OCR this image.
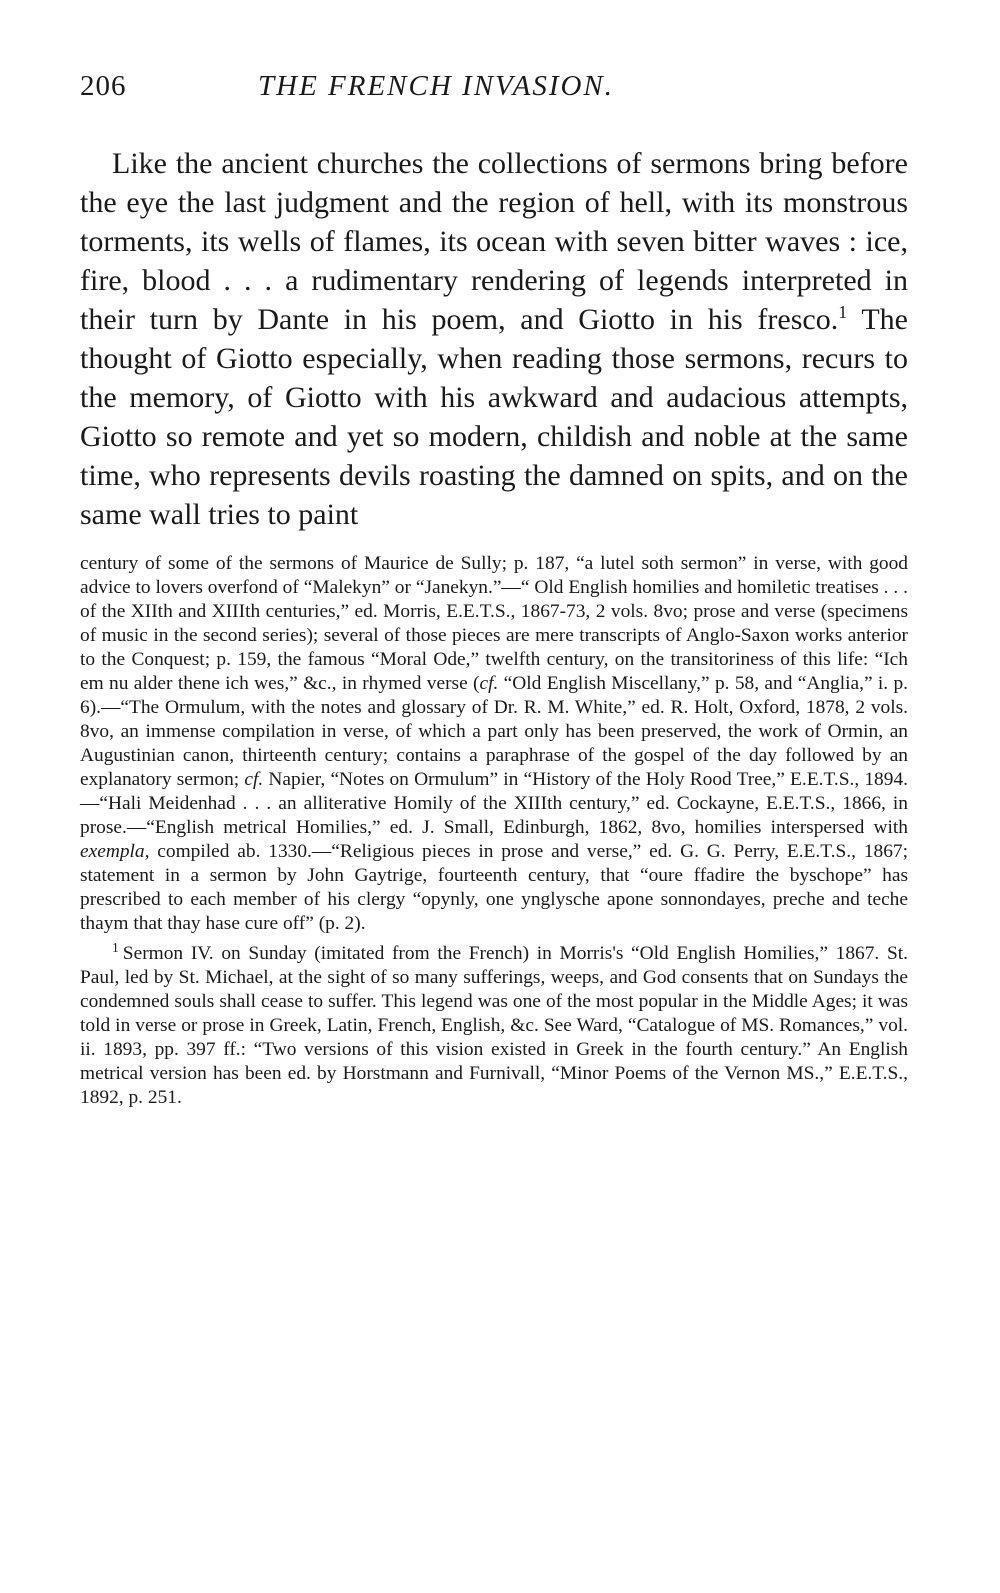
206	THE FRENCH INVASION.

Like the ancient churches the collections of sermons bring before the eye the last judgment and the region of hell, with its monstrous torments, its wells of flames, its ocean with seven bitter waves : ice, fire, blood . . . a rudimentary rendering of legends interpreted in their turn by Dante in his poem, and Giotto in his fresco.$^1$ The thought of Giotto especially, when reading those sermons, recurs to the memory, of Giotto with his awkward and audacious attempts, Giotto so remote and yet so modern, childish and noble at the same time, who represents devils roasting the damned on spits, and on the same wall tries to paint

century of some of the sermons of Maurice de Sully; p. 187, “a lutel soth sermon” in verse, with good advice to lovers overfond of “Malekyn” or “Janekyn.”—“ Old English homilies and homiletic treatises . . . of the XIIth and XIIIth centuries,” ed. Morris, E.E.T.S., 1867-73, 2 vols. 8vo; prose and verse (specimens of music in the second series); several of those pieces are mere transcripts of Anglo-Saxon works anterior to the Conquest; p. 159, the famous “Moral Ode,” twelfth century, on the transitoriness of this life: “Ich em nu alder thene ich wes,” &c., in rhymed verse (cf. “Old English Miscellany,” p. 58, and “Anglia,” i. p. 6).—“The Ormulum, with the notes and glossary of Dr. R. M. White,” ed. R. Holt, Oxford, 1878, 2 vols. 8vo, an immense compilation in verse, of which a part only has been preserved, the work of Ormin, an Augustinian canon, thirteenth century; contains a paraphrase of the gospel of the day followed by an explanatory sermon; cf. Napier, “Notes on Ormulum” in “History of the Holy Rood Tree,” E.E.T.S., 1894.—“Hali Meidenhad . . . an alliterative Homily of the XIIIth century,” ed. Cockayne, E.E.T.S., 1866, in prose.—“English metrical Homilies,” ed. J. Small, Edinburgh, 1862, 8vo, homilies interspersed with exempla, compiled ab. 1330.—“Religious pieces in prose and verse,” ed. G. G. Perry, E.E.T.S., 1867; statement in a sermon by John Gaytrige, fourteenth century, that “oure ffadire the byschope” has prescribed to each member of his clergy “opynly, one ynglysche apone sonnondayes, preche and teche thaym that thay hase cure off” (p. 2).

$^1$ Sermon IV. on Sunday (imitated from the French) in Morris's “Old English Homilies,” 1867. St. Paul, led by St. Michael, at the sight of so many sufferings, weeps, and God consents that on Sundays the condemned souls shall cease to suffer. This legend was one of the most popular in the Middle Ages; it was told in verse or prose in Greek, Latin, French, English, &c. See Ward, “Catalogue of MS. Romances,” vol. ii. 1893, pp. 397 ff.: “Two versions of this vision existed in Greek in the fourth century.” An English metrical version has been ed. by Horstmann and Furnivall, “Minor Poems of the Vernon MS.,” E.E.T.S., 1892, p. 251.
